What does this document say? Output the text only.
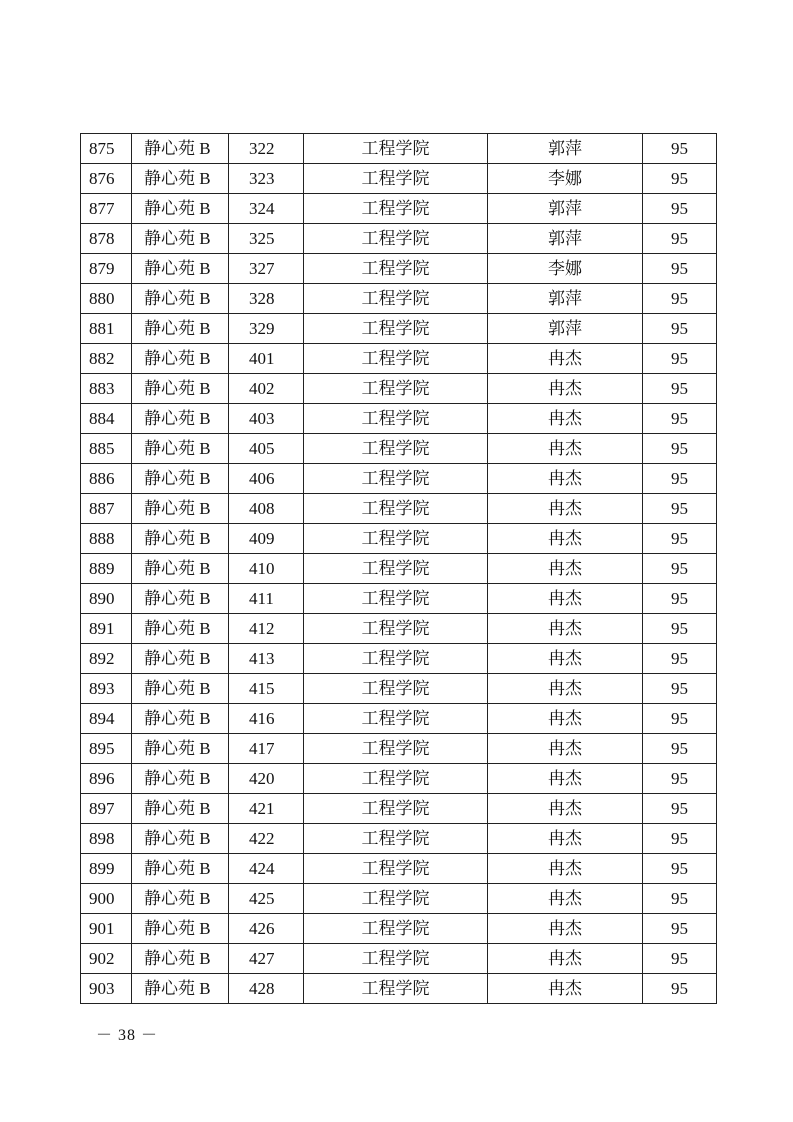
875	静心苑 B	322	工程学院	郭萍	95
876	静心苑 B	323	工程学院	李娜	95
877	静心苑 B	324	工程学院	郭萍	95
878	静心苑 B	325	工程学院	郭萍	95
879	静心苑 B	327	工程学院	李娜	95
880	静心苑 B	328	工程学院	郭萍	95
881	静心苑 B	329	工程学院	郭萍	95
882	静心苑 B	401	工程学院	冉杰	95
883	静心苑 B	402	工程学院	冉杰	95
884	静心苑 B	403	工程学院	冉杰	95
885	静心苑 B	405	工程学院	冉杰	95
886	静心苑 B	406	工程学院	冉杰	95
887	静心苑 B	408	工程学院	冉杰	95
888	静心苑 B	409	工程学院	冉杰	95
889	静心苑 B	410	工程学院	冉杰	95
890	静心苑 B	411	工程学院	冉杰	95
891	静心苑 B	412	工程学院	冉杰	95
892	静心苑 B	413	工程学院	冉杰	95
893	静心苑 B	415	工程学院	冉杰	95
894	静心苑 B	416	工程学院	冉杰	95
895	静心苑 B	417	工程学院	冉杰	95
896	静心苑 B	420	工程学院	冉杰	95
897	静心苑 B	421	工程学院	冉杰	95
898	静心苑 B	422	工程学院	冉杰	95
899	静心苑 B	424	工程学院	冉杰	95
900	静心苑 B	425	工程学院	冉杰	95
901	静心苑 B	426	工程学院	冉杰	95
902	静心苑 B	427	工程学院	冉杰	95
903	静心苑 B	428	工程学院	冉杰	95
－ 38 －
